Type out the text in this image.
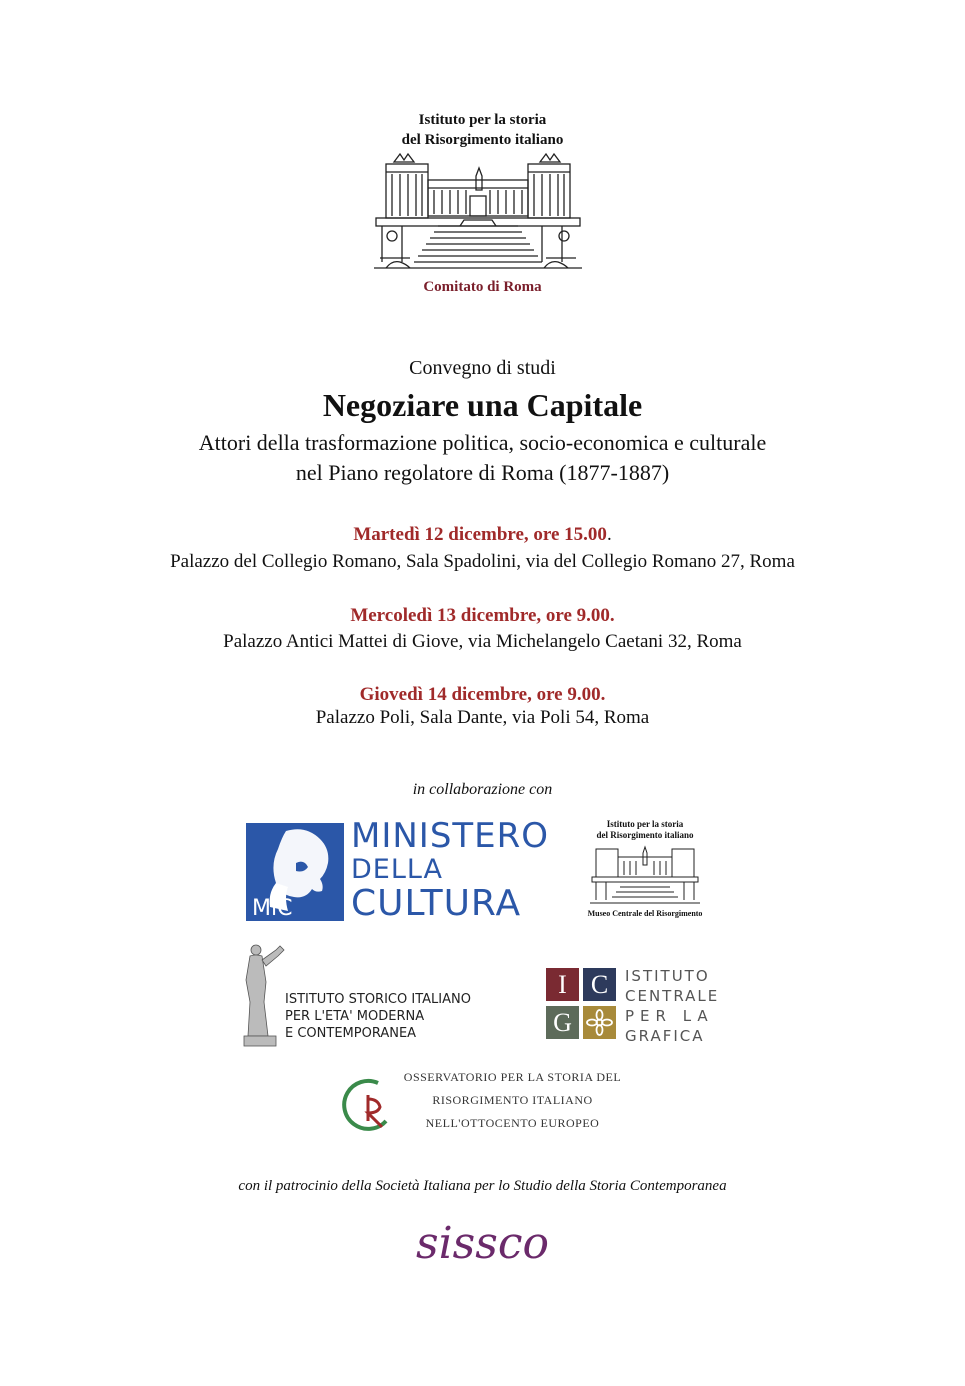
Istituto per la storia
del Risorgimento italiano
Comitato di Roma
Convegno di studi
Negoziare una Capitale
Attori della trasformazione politica, socio-economica e culturale
nel Piano regolatore di Roma (1877-1887)
Martedì 12 dicembre, ore 15.00.
Palazzo del Collegio Romano, Sala Spadolini, via del Collegio Romano 27, Roma
Mercoledì 13 dicembre, ore 9.00.
Palazzo Antici Mattei di Giove, via Michelangelo Caetani 32, Roma
Giovedì 14 dicembre, ore 9.00.
Palazzo Poli, Sala Dante, via Poli 54, Roma
in collaborazione con
MiC
MINISTERO
DELLA
CULTURA
Istituto per la storia
del Risorgimento italiano
Museo Centrale del Risorgimento
ISTITUTO STORICO ITALIANO
PER L'ETA' MODERNA
E CONTEMPORANEA
I C
G
ISTITUTO
CENTRALE
PER LA
GRAFICA
OSSERVATORIO PER LA STORIA DEL
RISORGIMENTO ITALIANO
NELL'OTTOCENTO EUROPEO
con il patrocinio della Società Italiana per lo Studio della Storia Contemporanea
sissco
